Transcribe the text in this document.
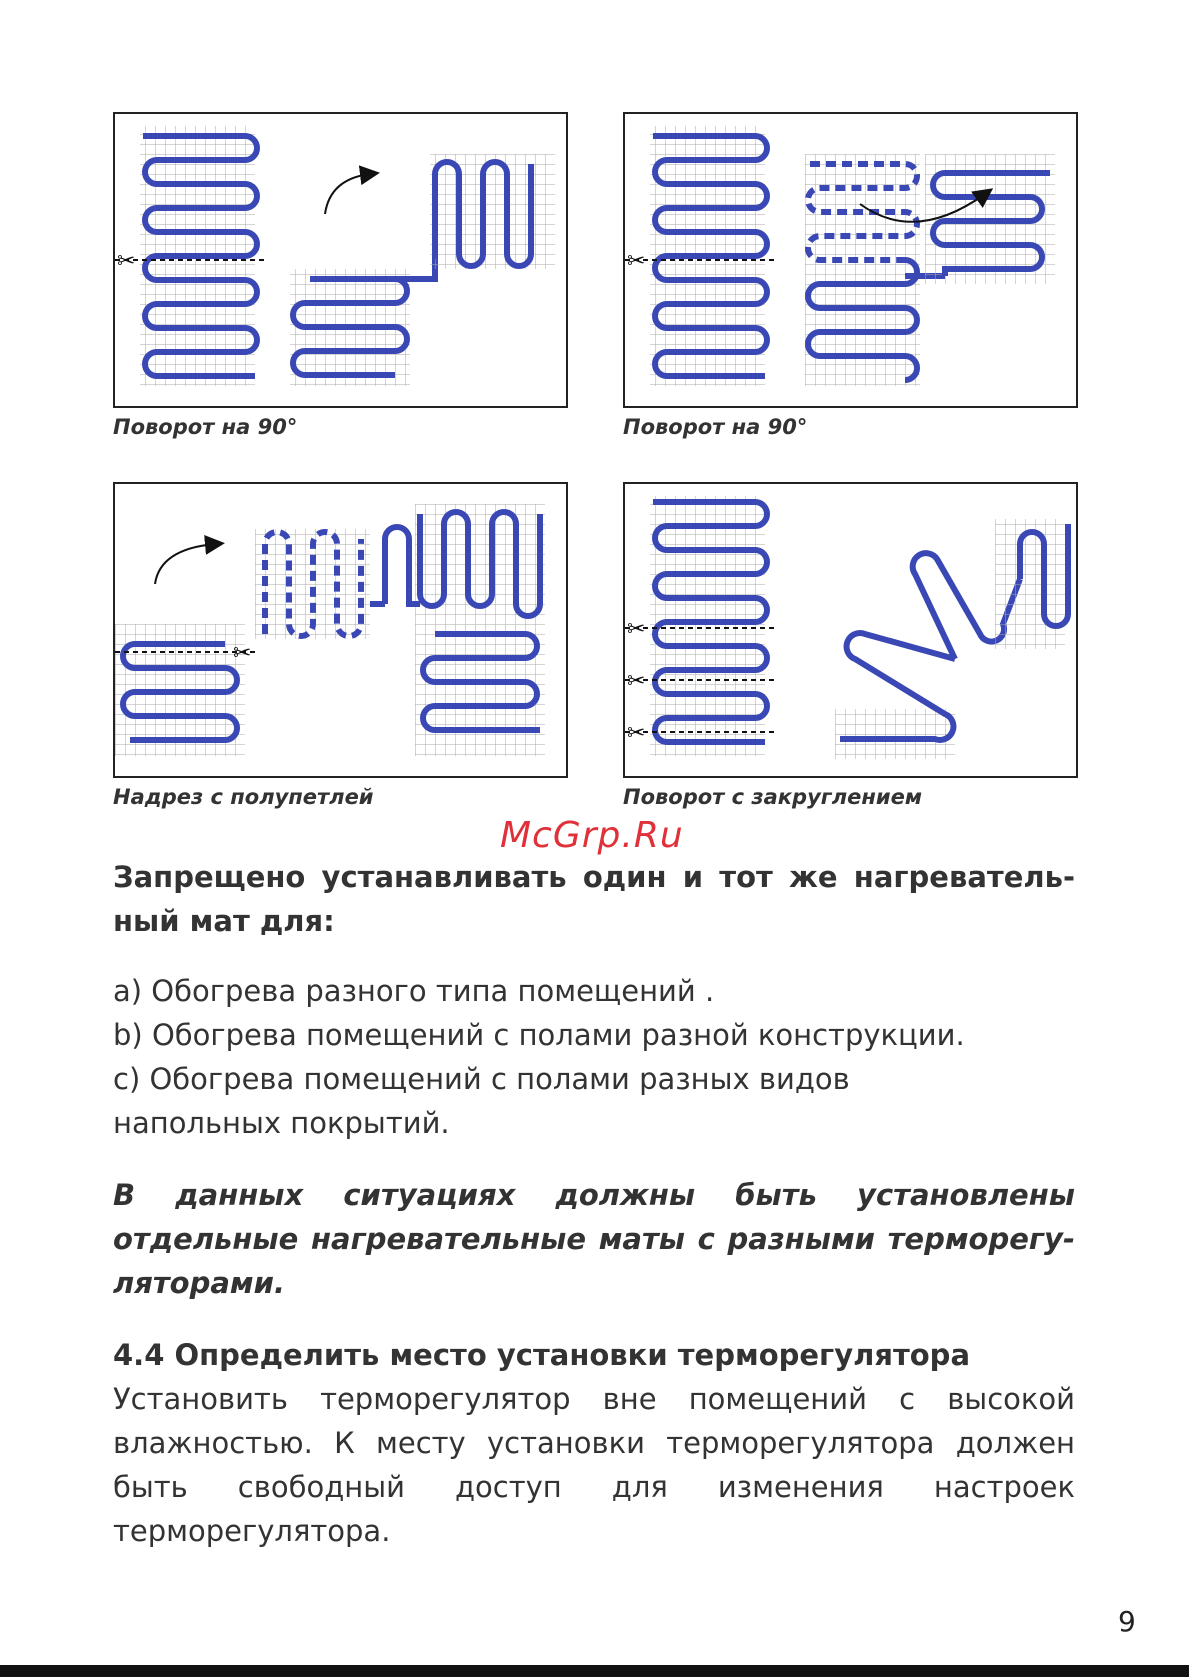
✂
Поворот на 90°
✂
Поворот на 90°
✂
Надрез с полупетлей
✂
✂
✂
Поворот с закруглением
McGrp.Ru
Запрещено устанавливать один и тот же нагреватель-
ный мат для:
а) Обогрева разного типа помещений .
b) Обогрева помещений с полами разной конструкции.
с) Обогрева помещений с полами разных видов
напольных покрытий.
В данных ситуациях должны быть установлены
отдельные нагревательные маты с разными терморегу-
ляторами.
4.4 Определить место установки терморегулятора
Установить терморегулятор вне помещений с высокой
влажностью. К месту установки терморегулятора должен
быть свободный доступ для изменения настроек
терморегулятора.
9
